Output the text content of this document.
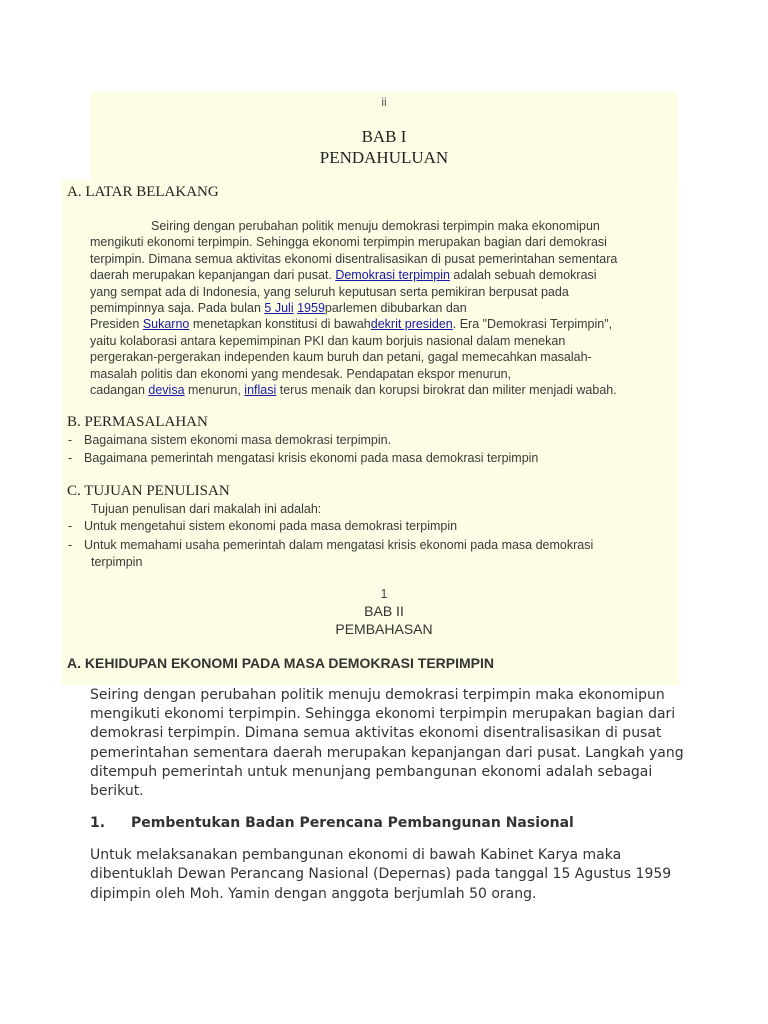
ii

BAB I

PENDAHULUAN

A. LATAR BELAKANG

Seiring dengan perubahan politik menuju demokrasi terpimpin maka ekonomipun

mengikuti ekonomi terpimpin. Sehingga ekonomi terpimpin merupakan bagian dari demokrasi

terpimpin. Dimana semua aktivitas ekonomi disentralisasikan di pusat pemerintahan sementara

daerah merupakan kepanjangan dari pusat. Demokrasi terpimpin adalah sebuah demokrasi

yang sempat ada di Indonesia, yang seluruh keputusan serta pemikiran berpusat pada

pemimpinnya saja. Pada bulan 5 Juli 1959parlemen dibubarkan dan

Presiden Sukarno menetapkan konstitusi di bawahdekrit presiden. Era "Demokrasi Terpimpin",

yaitu kolaborasi antara kepemimpinan PKI dan kaum borjuis nasional dalam menekan

pergerakan-pergerakan independen kaum buruh dan petani, gagal memecahkan masalah-

masalah politis dan ekonomi yang mendesak. Pendapatan ekspor menurun,

cadangan devisa menurun, inflasi terus menaik dan korupsi birokrat dan militer menjadi wabah.

B. PERMASALAHAN

- Bagaimana sistem ekonomi masa demokrasi terpimpin.

- Bagaimana pemerintah mengatasi krisis ekonomi pada masa demokrasi terpimpin

C. TUJUAN PENULISAN

Tujuan penulisan dari makalah ini adalah:

- Untuk mengetahui sistem ekonomi pada masa demokrasi terpimpin

- Untuk memahami usaha pemerintah dalam mengatasi krisis ekonomi pada masa demokrasi

terpimpin

1

BAB II

PEMBAHASAN

A. KEHIDUPAN EKONOMI PADA MASA DEMOKRASI TERPIMPIN

Seiring dengan perubahan politik menuju demokrasi terpimpin maka ekonomipun

mengikuti ekonomi terpimpin. Sehingga ekonomi terpimpin merupakan bagian dari

demokrasi terpimpin. Dimana semua aktivitas ekonomi disentralisasikan di pusat

pemerintahan sementara daerah merupakan kepanjangan dari pusat. Langkah yang

ditempuh pemerintah untuk menunjang pembangunan ekonomi adalah sebagai

berikut.

1. Pembentukan Badan Perencana Pembangunan Nasional

Untuk melaksanakan pembangunan ekonomi di bawah Kabinet Karya maka

dibentuklah Dewan Perancang Nasional (Depernas) pada tanggal 15 Agustus 1959

dipimpin oleh Moh. Yamin dengan anggota berjumlah 50 orang.
